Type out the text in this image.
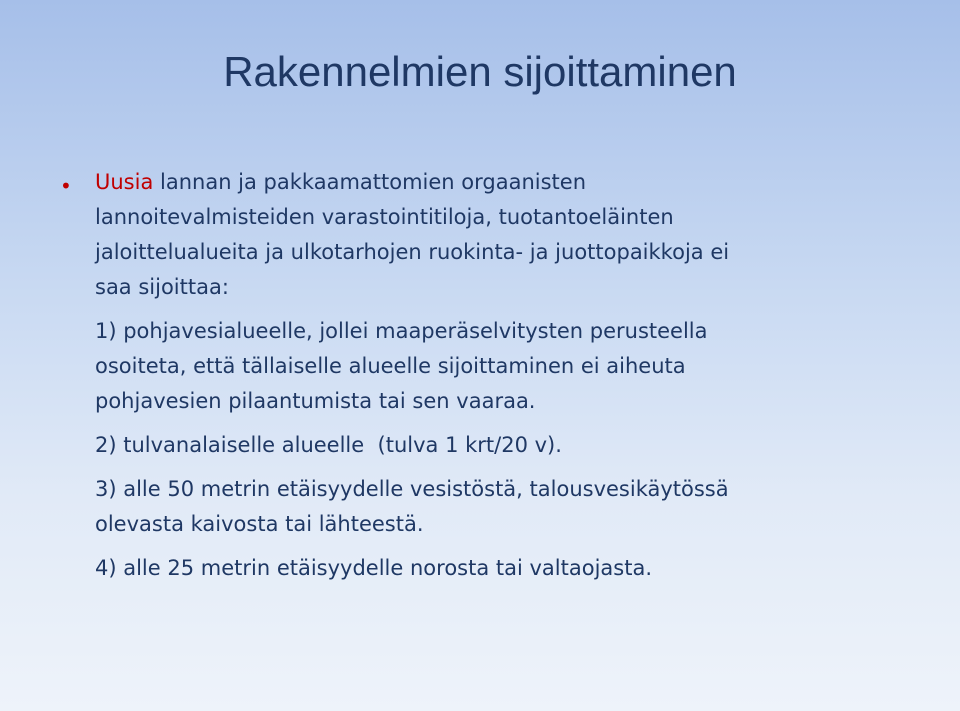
Rakennelmien sijoittaminen
• Uusia lannan ja pakkaamattomien orgaanisten
lannoitevalmisteiden varastointitiloja, tuotantoeläinten
jaloittelualueita ja ulkotarhojen ruokinta- ja juottopaikkoja ei
saa sijoittaa:

1) pohjavesialueelle, jollei maaperäselvitysten perusteella
osoiteta, että tällaiselle alueelle sijoittaminen ei aiheuta
pohjavesien pilaantumista tai sen vaaraa.

2) tulvanalaiselle alueelle  (tulva 1 krt/20 v).

3) alle 50 metrin etäisyydelle vesistöstä, talousvesikäytössä
olevasta kaivosta tai lähteestä.

4) alle 25 metrin etäisyydelle norosta tai valtaojasta.
